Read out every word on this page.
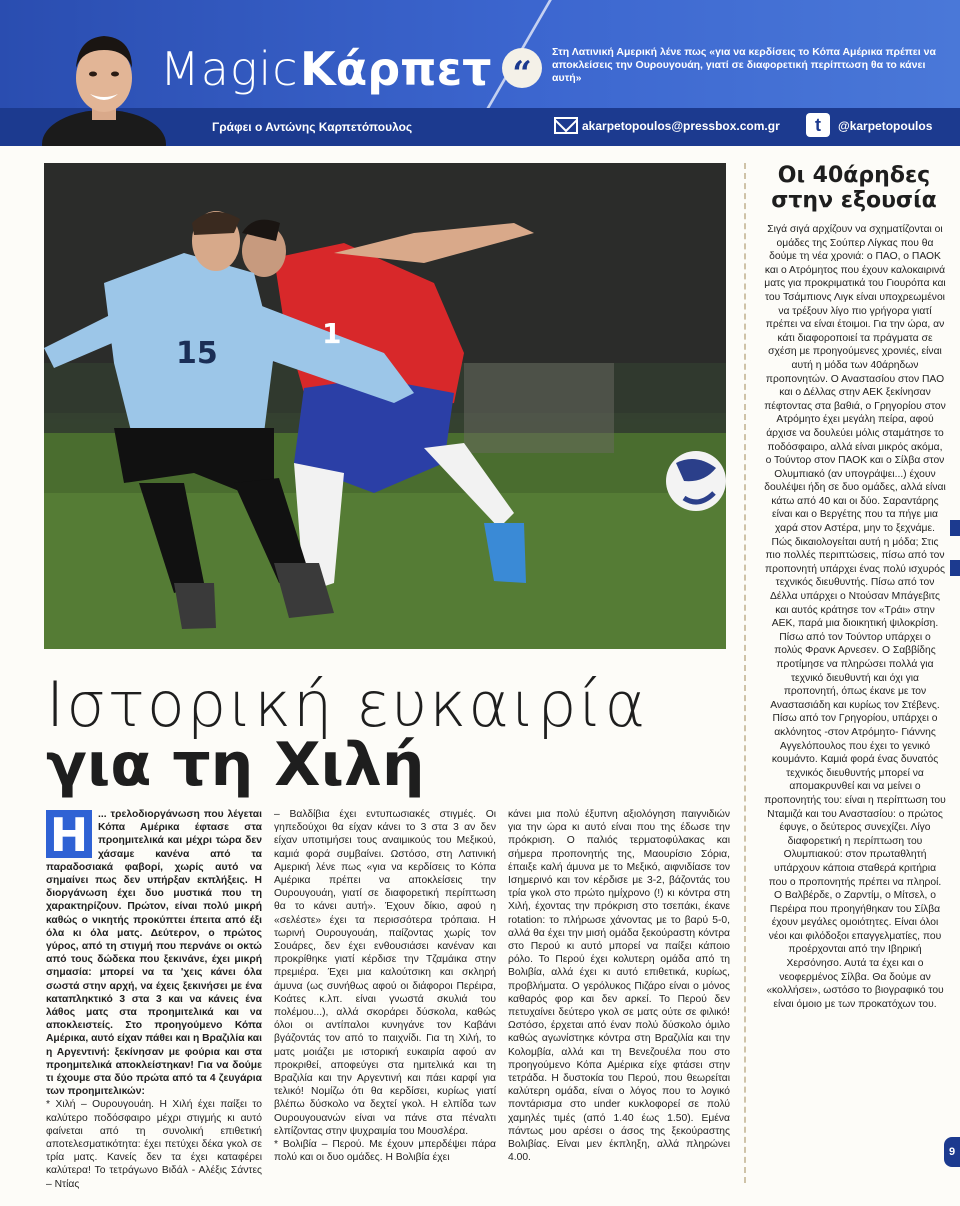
Magic Κάρπετ “
Στη Λατινική Αμερική λένε πως «για να κερδίσεις το Κόπα Αμέρικα πρέπει να αποκλείσεις την Ουρουγουάη, γιατί σε διαφορετική περίπτωση θα το κάνει αυτή»
Γράφει ο Αντώνης Καρπετόπουλος	akarpetopoulos@pressbox.com.gr	t	@karpetopoulos
15
1
Ιστορική ευκαιρία
για τη Χιλή
Η ... τρελοδιοργάνωση που λέγεται Κόπα Αμέρικα έφτασε στα προημιτελικά και μέχρι τώρα δεν χάσαμε κανένα από τα παραδοσιακά φαβορί, χωρίς αυτό να σημαίνει πως δεν υπήρξαν εκπλήξεις. Η διοργάνωση έχει δυο μυστικά που τη χαρακτηρίζουν. Πρώτον, είναι πολύ μικρή καθώς ο νικητής προκύπτει έπειτα από έξι όλα κι όλα ματς. Δεύτερον, ο πρώτος γύρος, από τη στιγμή που περνάνε οι οκτώ από τους δώδεκα που ξεκινάνε, έχει μικρή σημασία: μπορεί να τα 'χεις κάνει όλα σωστά στην αρχή, να έχεις ξεκινήσει με ένα καταπληκτικό 3 στα 3 και να κάνεις ένα λάθος ματς στα προημιτελικά και να αποκλειστείς. Στο προηγούμενο Κόπα Αμέρικα, αυτό είχαν πάθει και η Βραζιλία και η Αργεντινή: ξεκίνησαν με φούρια και στα προημιτελικά αποκλείστηκαν! Για να δούμε τι έχουμε στα δύο πρώτα από τα 4 ζευγάρια των προημιτελικών:

* Χιλή – Ουρουγουάη. Η Χιλή έχει παίξει το καλύτερο ποδόσφαιρο μέχρι στιγμής κι αυτό φαίνεται από τη συνολική επιθετική αποτελεσματικότητα: έχει πετύχει δέκα γκολ σε τρία ματς. Κανείς δεν τα έχει καταφέρει καλύτερα! Το τετράγωνο Βιδάλ - Αλέξις Σάντες – Ντίας

– Βαλδίβια έχει εντυπωσιακές στιγμές. Οι γηπεδούχοι θα είχαν κάνει το 3 στα 3 αν δεν είχαν υποτιμήσει τους αναιμικούς του Μεξικού, καμιά φορά συμβαίνει. Ωστόσο, στη Λατινική Αμερική λένε πως «για να κερδίσεις το Κόπα Αμέρικα πρέπει να αποκλείσεις την Ουρουγουάη, γιατί σε διαφορετική περίπτωση θα το κάνει αυτή». Έχουν δίκιο, αφού η «σελέστε» έχει τα περισσότερα τρόπαια. Η τωρινή Ουρουγουάη, παίζοντας χωρίς τον Σουάρες, δεν έχει ενθουσιάσει κανέναν και προκρίθηκε γιατί κέρδισε την Τζαμάικα στην πρεμιέρα. Έχει μια καλούτσικη και σκληρή άμυνα (ως συνήθως αφού οι διάφοροι Περέιρα, Κοάτες κ.λπ. είναι γνωστά σκυλιά του πολέμου...), αλλά σκοράρει δύσκολα, καθώς όλοι οι αντίπαλοι κυνηγάνε τον Καβάνι βγάζοντάς τον από το παιχνίδι. Για τη Χιλή, το ματς μοιάζει με ιστορική ευκαιρία αφού αν προκριθεί, αποφεύγει στα ημιτελικά και τη Βραζιλία και την Αργεντινή και πάει καρφί για τελικό! Νομίζω ότι θα κερδίσει, κυρίως γιατί βλέπω δύσκολο να δεχτεί γκολ. Η ελπίδα των Ουρουγουανών είναι να πάνε στα πέναλτι ελπίζοντας στην ψυχραιμία του Μουσλέρα.

* Βολιβία – Περού. Με έχουν μπερδέψει πάρα πολύ και οι δυο ομάδες. Η Βολιβία έχει

κάνει μια πολύ έξυπνη αξιολόγηση παιγνιδιών για την ώρα κι αυτό είναι που της έδωσε την πρόκριση. Ο παλιός τερματοφύλακας και σήμερα προπονητής της, Μαουρίσιο Σόρια, έπαιξε καλή άμυνα με το Μεξικό, αιφνιδίασε τον Ισημερινό και τον κέρδισε με 3-2, βάζοντάς του τρία γκολ στο πρώτο ημίχρονο (!) κι κόντρα στη Χιλή, έχοντας την πρόκριση στο τσεπάκι, έκανε rotation: το πλήρωσε χάνοντας με το βαρύ 5-0, αλλά θα έχει την μισή ομάδα ξεκούραστη κόντρα στο Περού κι αυτό μπορεί να παίξει κάποιο ρόλο. Το Περού έχει κολυτερη ομάδα από τη Βολιβία, αλλά έχει κι αυτό επιθετικά, κυρίως, προβλήματα. Ο γερόλυκος Πιζάρο είναι ο μόνος καθαρός φορ και δεν αρκεί. Το Περού δεν πετυχαίνει δεύτερο γκολ σε ματς ούτε σε φιλικό! Ωστόσο, έρχεται από έναν πολύ δύσκολο όμιλο καθώς αγωνίστηκε κόντρα στη Βραζιλία και την Κολομβία, αλλά και τη Βενεζουέλα που στο προηγούμενο Κόπα Αμέρικα είχε φτάσει στην τετράδα. Η δυστοκία του Περού, που θεωρείται καλύτερη ομάδα, είναι ο λόγος που το λογικό ποντάρισμα στο under κυκλοφορεί σε πολύ χαμηλές τιμές (από 1.40 έως 1.50). Εμένα πάντως μου αρέσει ο άσος της ξεκούραστης Βολιβίας. Είναι μεν έκπληξη, αλλά πληρώνει 4.00.

Οι 40άρηδες στην εξουσία
Σιγά σιγά αρχίζουν να σχηματίζονται οι ομάδες της Σούπερ Λίγκας που θα δούμε τη νέα χρονιά: ο ΠΑΟ, ο ΠΑΟΚ και ο Ατρόμητος που έχουν καλοκαιρινά ματς για προκριματικά του Γιουρόπα και του Τσάμπιονς Λιγκ είναι υποχρεωμένοι να τρέξουν λίγο πιο γρήγορα γιατί πρέπει να είναι έτοιμοι. Για την ώρα, αν κάτι διαφοροποιεί τα πράγματα σε σχέση με προηγούμενες χρονιές, είναι αυτή η μόδα των 40άρηδων προπονητών. Ο Αναστασίου στον ΠΑΟ και ο Δέλλας στην ΑΕΚ ξεκίνησαν πέφτοντας στα βαθιά, ο Γρηγορίου στον Ατρόμητο έχει μεγάλη πείρα, αφού άρχισε να δουλεύει μόλις σταμάτησε το ποδόσφαιρο, αλλά είναι μικρός ακόμα, ο Τούντορ στον ΠΑΟΚ και ο Σίλβα στον Ολυμπιακό (αν υπογράψει...) έχουν δουλέψει ήδη σε δυο ομάδες, αλλά είναι κάτω από 40 και οι δύο. Σαραντάρης είναι και ο Βεργέτης που τα πήγε μια χαρά στον Αστέρα, μην το ξεχνάμε. Πώς δικαιολογείται αυτή η μόδα; Στις πιο πολλές περιπτώσεις, πίσω από τον προπονητή υπάρχει ένας πολύ ισχυρός τεχνικός διευθυντής. Πίσω από τον Δέλλα υπάρχει ο Ντούσαν Μπάγεβιτς και αυτός κράτησε τον «Τράι» στην ΑΕΚ, παρά μια διοικητική ψιλοκρίση. Πίσω από τον Τούντορ υπάρχει ο πολύς Φρανκ Αρνεσεν. Ο Σαββίδης προτίμησε να πληρώσει πολλά για τεχνικό διευθυντή και όχι για προπονητή, όπως έκανε με τον Αναστασιάδη και κυρίως τον Στέβενς. Πίσω από τον Γρηγορίου, υπάρχει ο ακλόνητος -στον Ατρόμητο- Γιάννης Αγγελόπουλος που έχει το γενικό κουμάντο. Καμιά φορά ένας δυνατός τεχνικός διευθυντής μπορεί να απομακρυνθεί και να μείνει ο προπονητής του: είναι η περίπτωση του Νταμιζά και του Αναστασίου: ο πρώτος έφυγε, ο δεύτερος συνεχίζει. Λίγο διαφορετική η περίπτωση του Ολυμπιακού: στον πρωταθλητή υπάρχουν κάποια σταθερά κριτήρια που ο προπονητής πρέπει να πληροί. Ο Βαλβέρδε, ο Ζαρντίμ, ο Μίτσελ, ο Περέιρα που προηγήθηκαν του Σίλβα έχουν μεγάλες ομοιότητες. Είναι όλοι νέοι και φιλόδοξοι επαγγελματίες, που προέρχονται από την Ιβηρική Χερσόνησο. Αυτά τα έχει και ο νεοφερμένος Σίλβα. Θα δούμε αν «κολλήσει», ωστόσο το βιογραφικό του είναι όμοιο με των προκατόχων του.
9
